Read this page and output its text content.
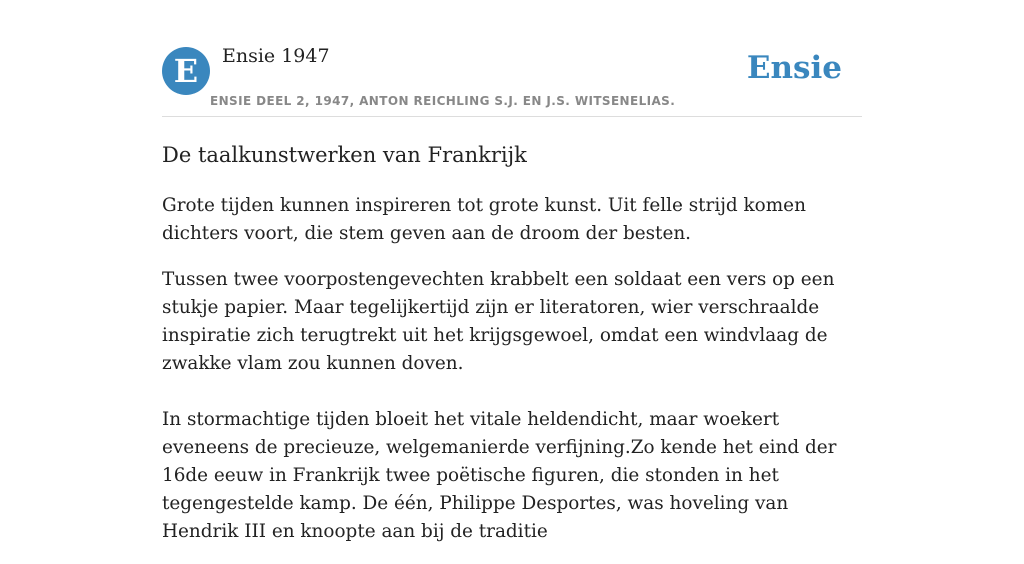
E	Ensie 1947
ENSIE DEEL 2, 1947, ANTON REICHLING S.J. EN J.S. WITSENELIAS.
Ensie
De taalkunstwerken van Frankrijk

Grote tijden kunnen inspireren tot grote kunst. Uit felle strijd komen dichters voort, die stem geven aan de droom der besten.

Tussen twee voorpostengevechten krabbelt een soldaat een vers op een stukje papier. Maar tegelijkertijd zijn er literatoren, wier verschraalde inspiratie zich terugtrekt uit het krijgsgewoel, omdat een windvlaag de zwakke vlam zou kunnen doven.

In stormachtige tijden bloeit het vitale heldendicht, maar woekert eveneens de precieuze, welgemanierde verfijning.Zo kende het eind der 16de eeuw in Frankrijk twee poëtische figuren, die stonden in het tegengestelde kamp. De één, Philippe Desportes, was hoveling van Hendrik III en knoopte aan bij de traditie
